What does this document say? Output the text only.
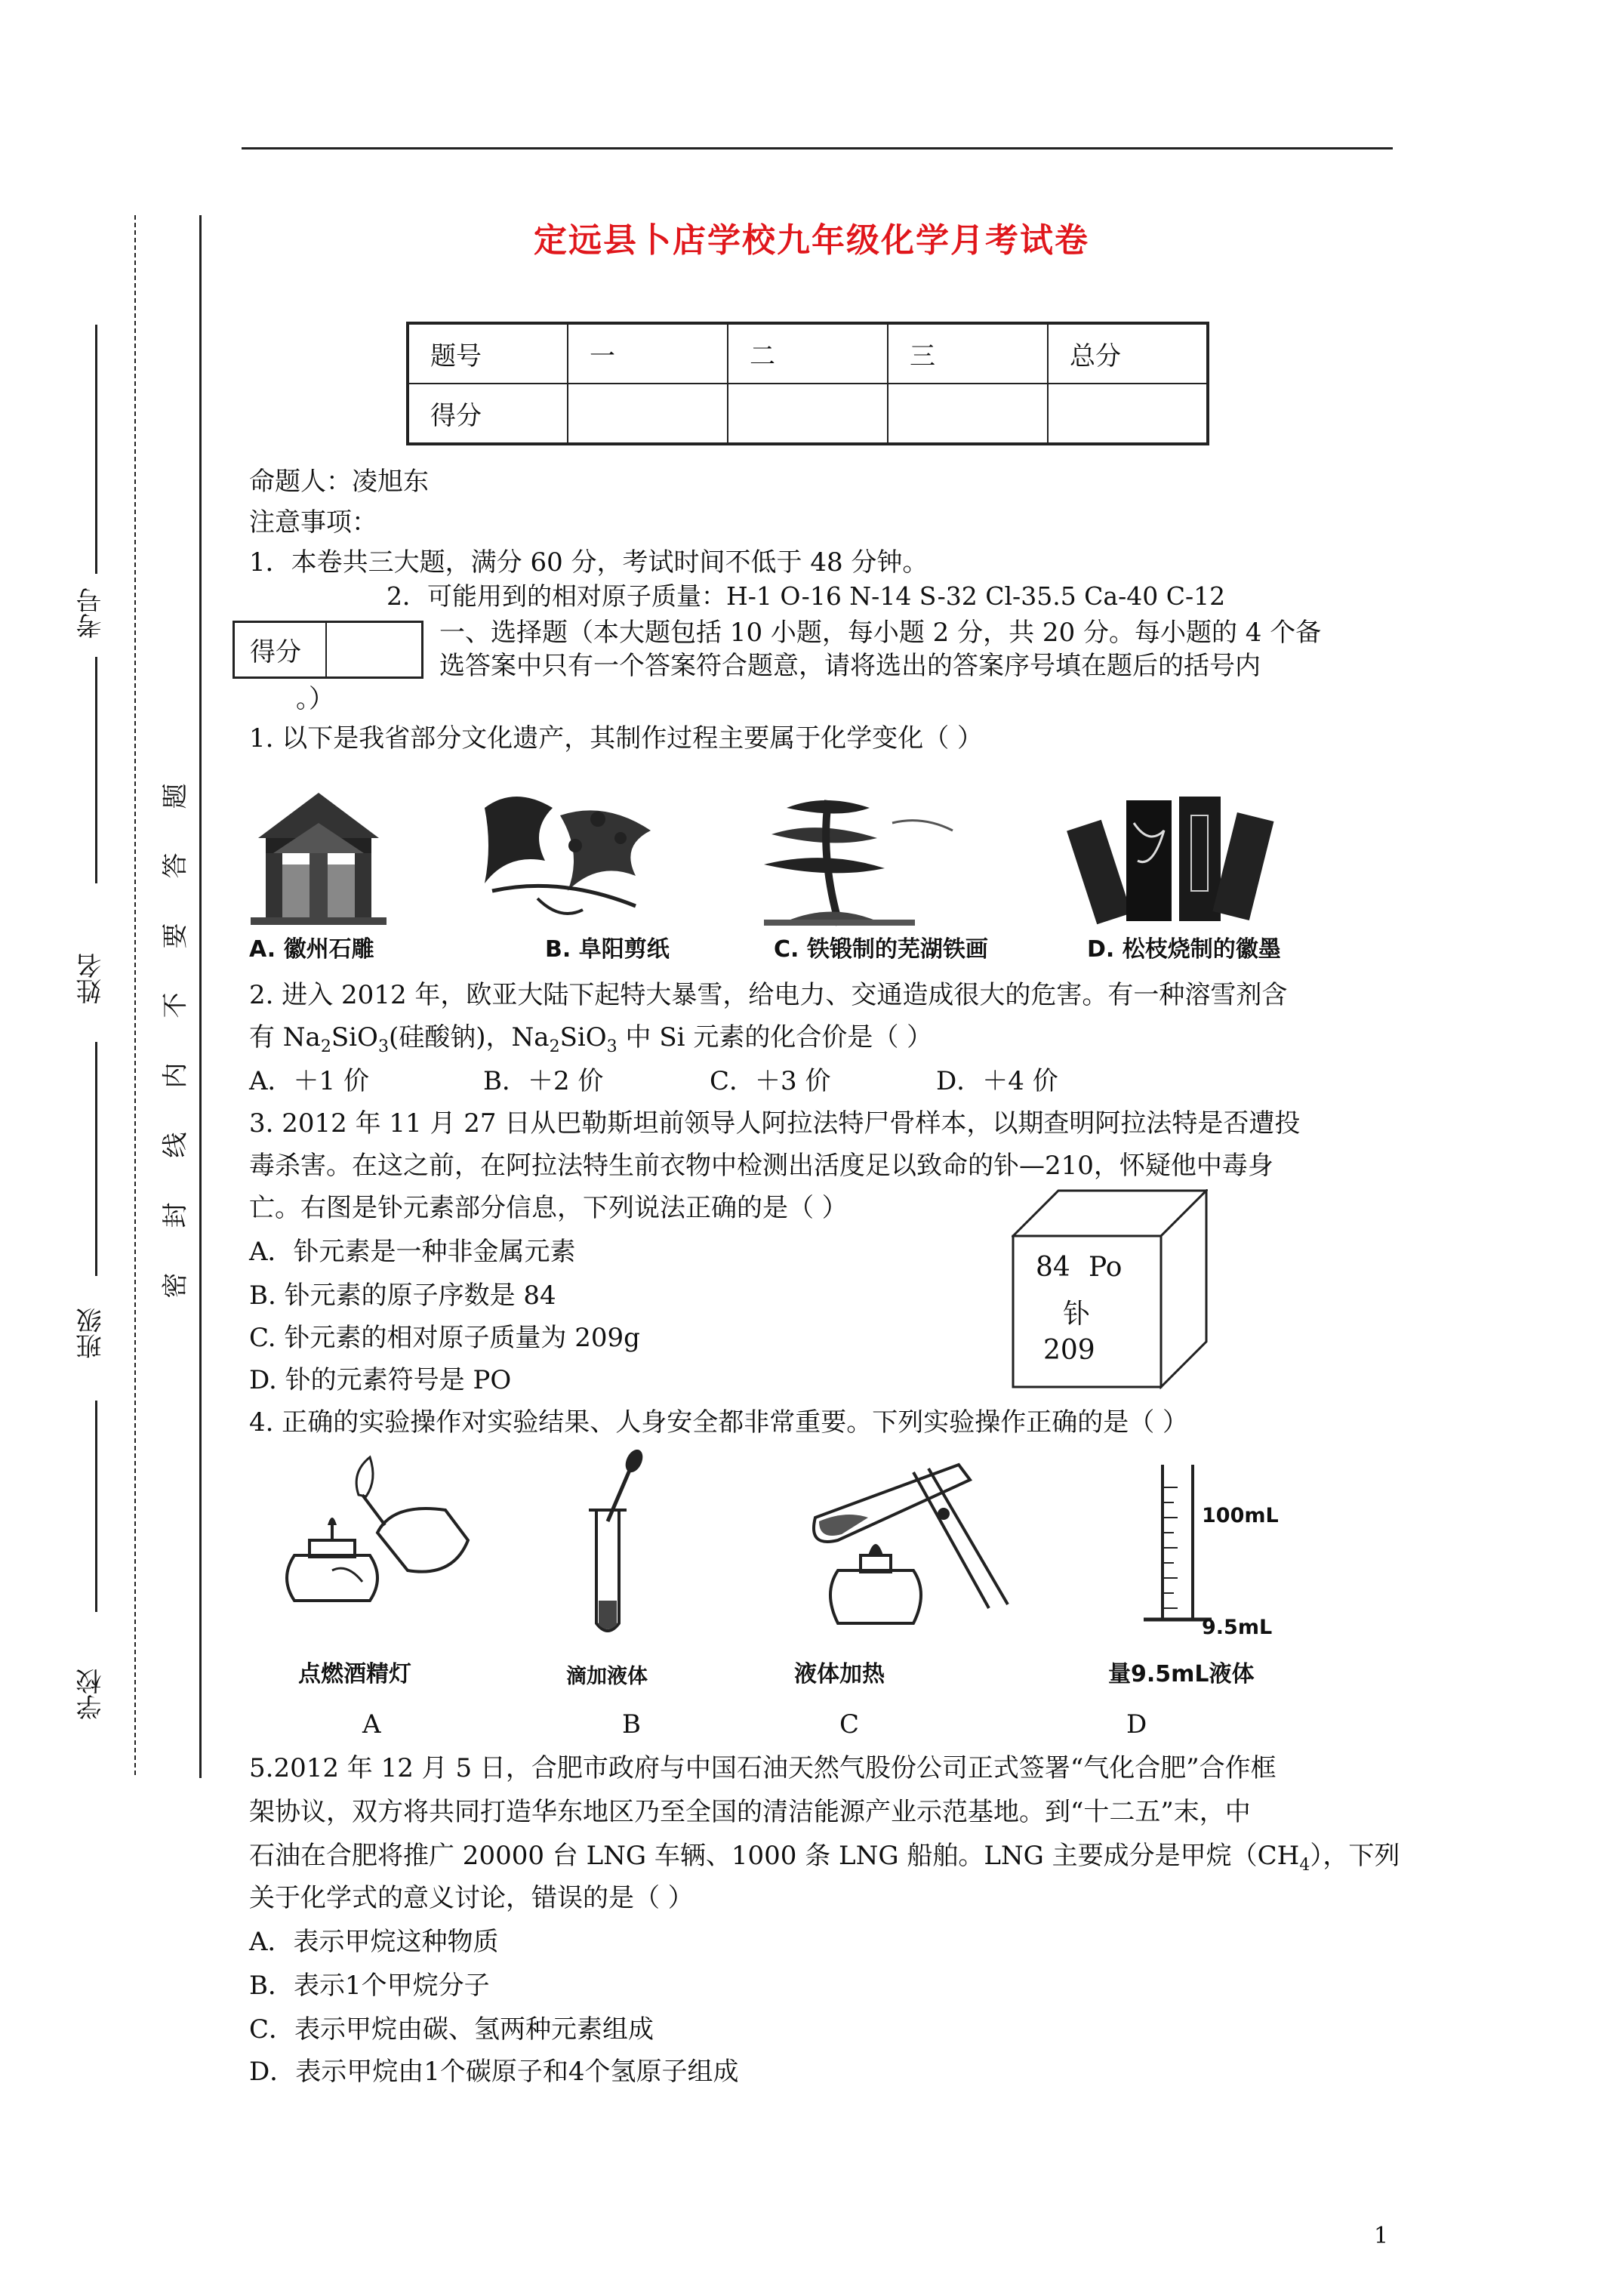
定远县卜店学校九年级化学月考试卷
题号	一	二	三	总分
得分				
命题人：凌旭东
注意事项：
1．本卷共三大题，满分 60 分，考试时间不低于 48 分钟。
2．可能用到的相对原子质量：H-1 O-16 N-14 S-32 Cl-35.5 Ca-40 C-12
得分	
一、选择题（本大题包括 10 小题，每小题 2 分，共 20 分。每小题的 4 个备
选答案中只有一个答案符合题意，请将选出的答案序号填在题后的括号内
。）
1. 以下是我省部分文化遗产，其制作过程主要属于化学变化（ ）
A. 徽州石雕	B. 阜阳剪纸	C. 铁锻制的芜湖铁画	D. 松枝烧制的徽墨
2. 进入 2012 年，欧亚大陆下起特大暴雪，给电力、交通造成很大的危害。有一种溶雪剂含
有 $Na_2SiO_3$(硅酸钠)，$Na_2SiO_3$ 中 Si 元素的化合价是（ ）
A．＋1 价	B．＋2 价	C．＋3 价	D．＋4 价
3. 2012 年 11 月 27 日从巴勒斯坦前领导人阿拉法特尸骨样本，以期查明阿拉法特是否遭投
毒杀害。在这之前，在阿拉法特生前衣物中检测出活度足以致命的钋—210，怀疑他中毒身
亡。右图是钋元素部分信息，下列说法正确的是（ ）
A．钋元素是一种非金属元素
B. 钋元素的原子序数是 84
C. 钋元素的相对原子质量为 209g
D. 钋的元素符号是 PO
84 Po
钋
209
4. 正确的实验操作对实验结果、人身安全都非常重要。下列实验操作正确的是（ ）
100mL
9.5mL
点燃酒精灯	滴加液体	液体加热	量9.5mL液体
A	B	C	D
5.2012 年 12 月 5 日，合肥市政府与中国石油天然气股份公司正式签署“气化合肥”合作框
架协议，双方将共同打造华东地区乃至全国的清洁能源产业示范基地。到“十二五”末，中
石油在合肥将推广 20000 台 LNG 车辆、1000 条 LNG 船舶。LNG 主要成分是甲烷$(CH_4)$，下列
关于化学式的意义讨论，错误的是（ ）
A．表示甲烷这种物质
B．表示1个甲烷分子
C．表示甲烷由碳、氢两种元素组成
D．表示甲烷由1个碳原子和4个氢原子组成
考号
姓名
班级
学校
题
答
要
不
内
线
封
密
1
